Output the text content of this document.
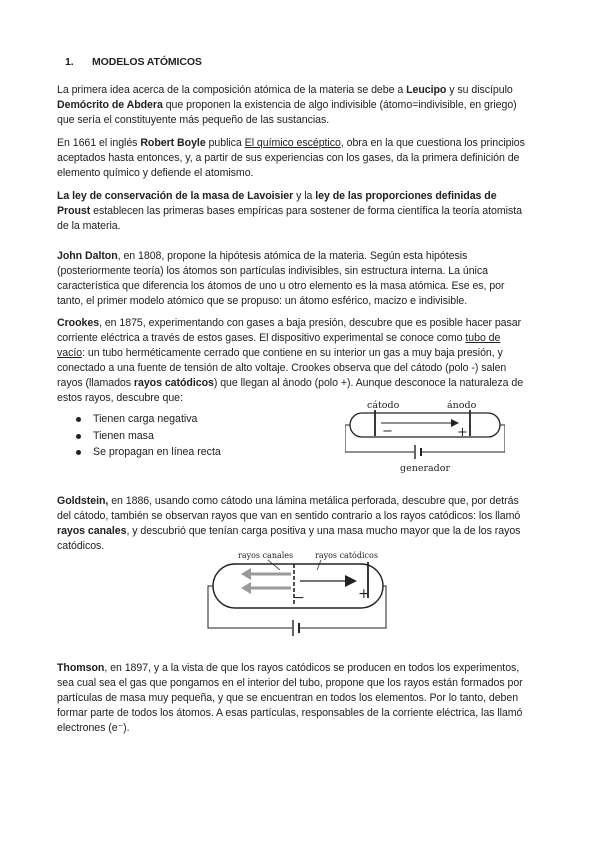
1. MODELOS ATÓMICOS

La primera idea acerca de la composición atómica de la materia se debe a Leucipo y su discípulo Demócrito de Abdera que proponen la existencia de algo indivisible (átomo=indivisible, en griego) que sería el constituyente más pequeño de las sustancias.

En 1661 el inglés Robert Boyle publica El químico escéptico, obra en la que cuestiona los principios aceptados hasta entonces, y, a partir de sus experiencias con los gases, da la primera definición de elemento químico y defiende el atomismo.

La ley de conservación de la masa de Lavoisier y la ley de las proporciones definidas de Proust establecen las primeras bases empíricas para sostener de forma científica la teoría atomista de la materia.

John Dalton, en 1808, propone la hipótesis atómica de la materia. Según esta hipótesis (posteriormente teoría) los átomos son partículas indivisibles, sin estructura interna. La única característica que diferencia los átomos de uno u otro elemento es la masa atómica. Ese es, por tanto, el primer modelo atómico que se propuso: un átomo esférico, macizo e indivisible.

Crookes, en 1875, experimentando con gases a baja presión, descubre que es posible hacer pasar corriente eléctrica a través de estos gases. El dispositivo experimental se conoce como tubo de vacío: un tubo herméticamente cerrado que contiene en su interior un gas a muy baja presión, y conectado a una fuente de tensión de alto voltaje. Crookes observa que del cátodo (polo -) salen rayos (llamados rayos catódicos) que llegan al ánodo (polo +). Aunque desconoce la naturaleza de estos rayos, descubre que:

Tienen carga negativa
Tienen masa
Se propagan en línea recta
cátodo	ánodo
−	+
generador

Goldstein, en 1886, usando como cátodo una lámina metálica perforada, descubre que, por detrás del cátodo, también se observan rayos que van en sentido contrario a los rayos catódicos: los llamó rayos canales, y descubrió que tenían carga positiva y una masa mucho mayor que la de los rayos catódicos.

rayos canales	rayos catódicos
−	+

Thomson, en 1897, y a la vista de que los rayos catódicos se producen en todos los experimentos, sea cual sea el gas que pongamos en el interior del tubo, propone que los rayos están formados por partículas de masa muy pequeña, y que se encuentran en todos los elementos. Por lo tanto, deben formar parte de todos los átomos. A esas partículas, responsables de la corriente eléctrica, las llamó electrones (e⁻).
